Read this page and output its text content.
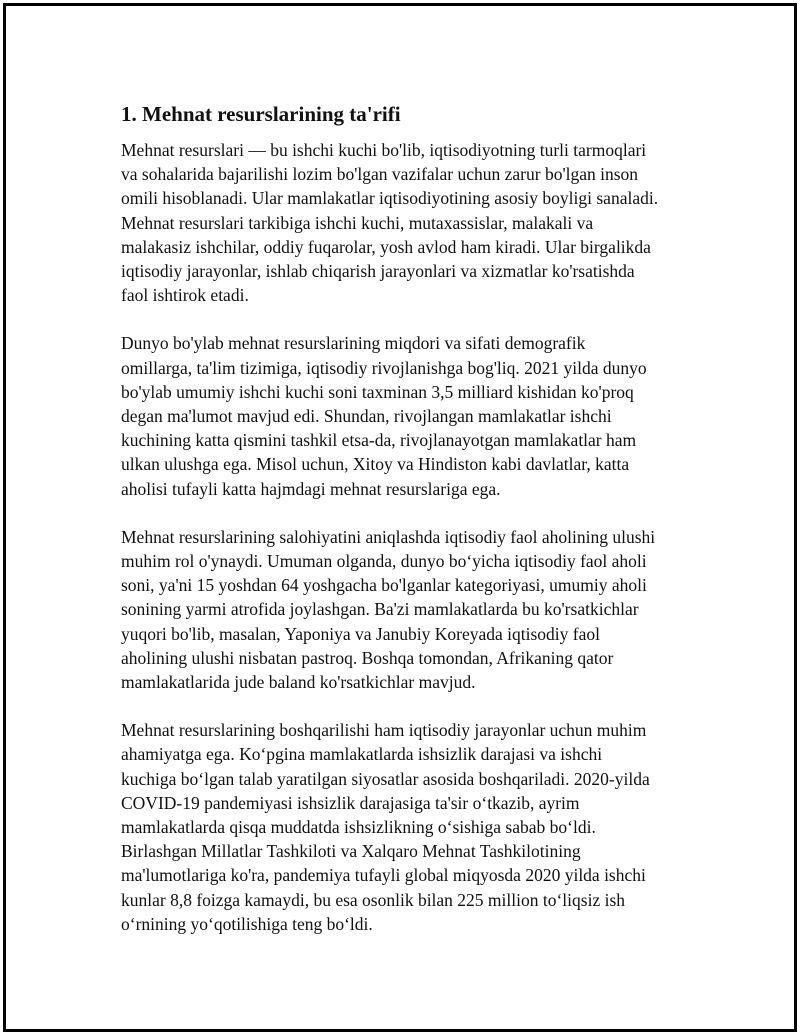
1. Mehnat resurslarining ta'rifi

Mehnat resurslari — bu ishchi kuchi bo'lib, iqtisodiyotning turli tarmoqlari
va sohalarida bajarilishi lozim bo'lgan vazifalar uchun zarur bo'lgan inson
omili hisoblanadi. Ular mamlakatlar iqtisodiyotining asosiy boyligi sanaladi.
Mehnat resurslari tarkibiga ishchi kuchi, mutaxassislar, malakali va
malakasiz ishchilar, oddiy fuqarolar, yosh avlod ham kiradi. Ular birgalikda
iqtisodiy jarayonlar, ishlab chiqarish jarayonlari va xizmatlar ko'rsatishda
faol ishtirok etadi.

Dunyo bo'ylab mehnat resurslarining miqdori va sifati demografik
omillarga, ta'lim tizimiga, iqtisodiy rivojlanishga bog'liq. 2021 yilda dunyo
bo'ylab umumiy ishchi kuchi soni taxminan 3,5 milliard kishidan ko'proq
degan ma'lumot mavjud edi. Shundan, rivojlangan mamlakatlar ishchi
kuchining katta qismini tashkil etsa-da, rivojlanayotgan mamlakatlar ham
ulkan ulushga ega. Misol uchun, Xitoy va Hindiston kabi davlatlar, katta
aholisi tufayli katta hajmdagi mehnat resurslariga ega.

Mehnat resurslarining salohiyatini aniqlashda iqtisodiy faol aholining ulushi
muhim rol o'ynaydi. Umuman olganda, dunyo bo‘yicha iqtisodiy faol aholi
soni, ya'ni 15 yoshdan 64 yoshgacha bo'lganlar kategoriyasi, umumiy aholi
sonining yarmi atrofida joylashgan. Ba'zi mamlakatlarda bu ko'rsatkichlar
yuqori bo'lib, masalan, Yaponiya va Janubiy Koreyada iqtisodiy faol
aholining ulushi nisbatan pastroq. Boshqa tomondan, Afrikaning qator
mamlakatlarida jude baland ko'rsatkichlar mavjud.

Mehnat resurslarining boshqarilishi ham iqtisodiy jarayonlar uchun muhim
ahamiyatga ega. Ko‘pgina mamlakatlarda ishsizlik darajasi va ishchi
kuchiga bo‘lgan talab yaratilgan siyosatlar asosida boshqariladi. 2020-yilda
COVID-19 pandemiyasi ishsizlik darajasiga ta'sir o‘tkazib, ayrim
mamlakatlarda qisqa muddatda ishsizlikning o‘sishiga sabab bo‘ldi.
Birlashgan Millatlar Tashkiloti va Xalqaro Mehnat Tashkilotining
ma'lumotlariga ko'ra, pandemiya tufayli global miqyosda 2020 yilda ishchi
kunlar 8,8 foizga kamaydi, bu esa osonlik bilan 225 million to‘liqsiz ish
o‘rnining yo‘qotilishiga teng bo‘ldi.
